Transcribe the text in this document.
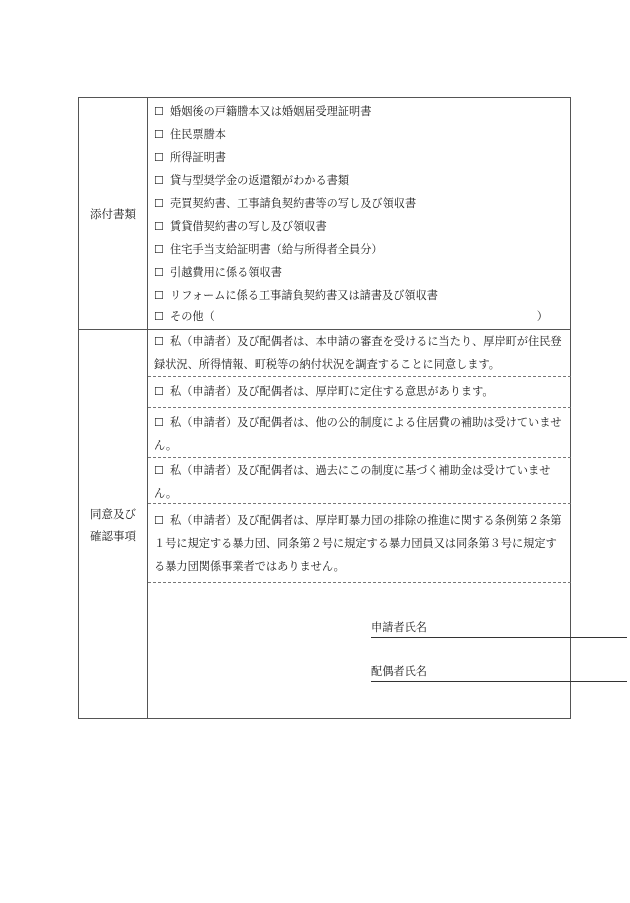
添付書類
同意及び
確認事項
☐ 婚姻後の戸籍謄本又は婚姻届受理証明書
☐ 住民票謄本
☐ 所得証明書
☐ 貸与型奨学金の返還額がわかる書類
☐ 売買契約書、工事請負契約書等の写し及び領収書
☐ 賃貸借契約書の写し及び領収書
☐ 住宅手当支給証明書（給与所得者全員分）
☐ 引越費用に係る領収書
☐ リフォームに係る工事請負契約書又は請書及び領収書
☐ その他（	）
☐ 私（申請者）及び配偶者は、本申請の審査を受けるに当たり、厚岸町が住民登録状況、所得情報、町税等の納付状況を調査することに同意します。
☐ 私（申請者）及び配偶者は、厚岸町に定住する意思があります。
☐ 私（申請者）及び配偶者は、他の公的制度による住居費の補助は受けていません。
☐ 私（申請者）及び配偶者は、過去にこの制度に基づく補助金は受けていません。
☐ 私（申請者）及び配偶者は、厚岸町暴力団の排除の推進に関する条例第２条第１号に規定する暴力団、同条第２号に規定する暴力団員又は同条第３号に規定する暴力団関係事業者ではありません。
申請者氏名
配偶者氏名
